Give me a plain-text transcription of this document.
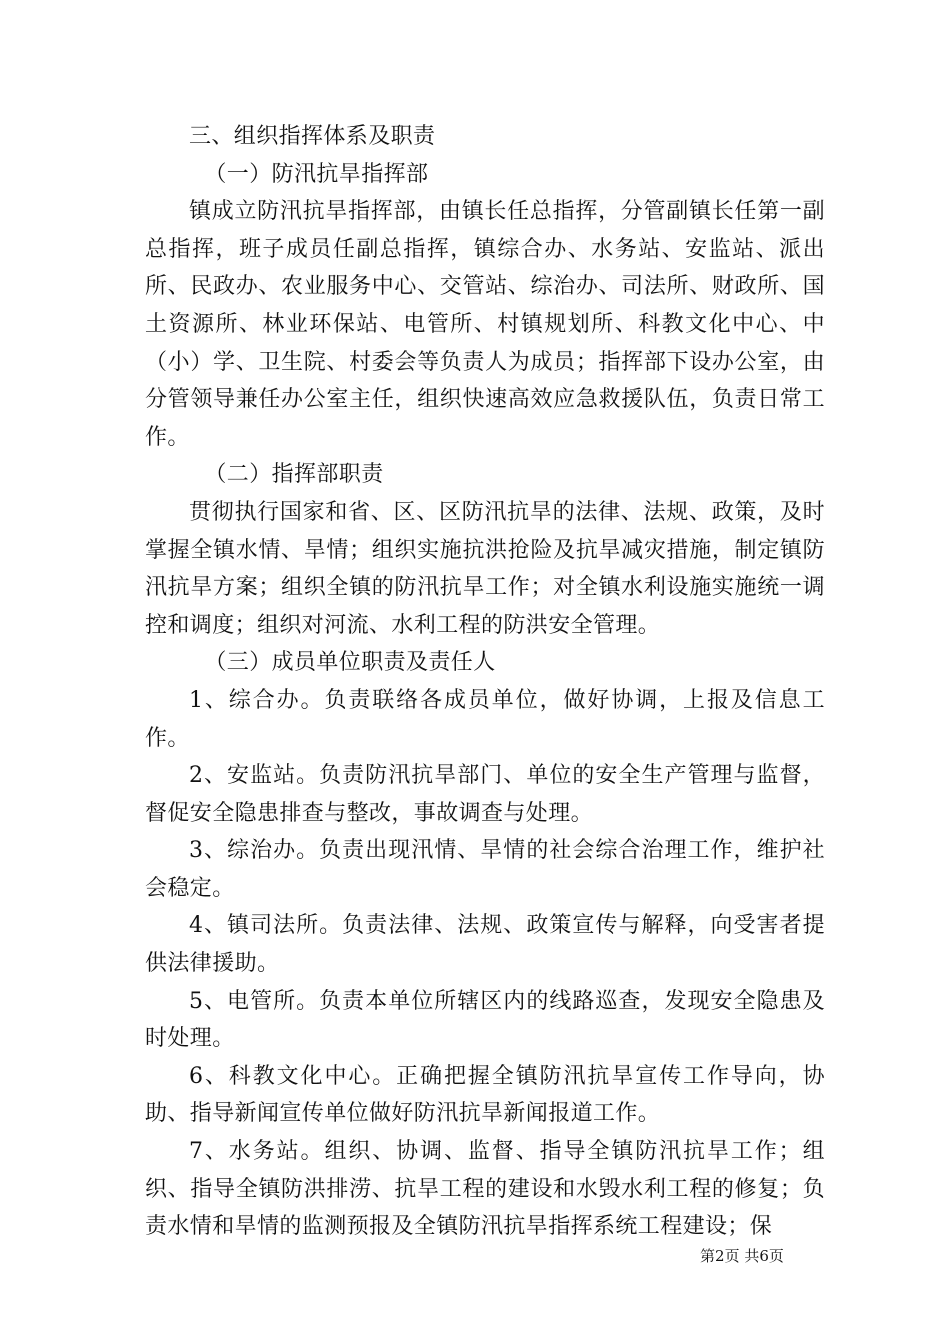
三、组织指挥体系及职责

（一）防汛抗旱指挥部

镇成立防汛抗旱指挥部，由镇长任总指挥，分管副镇长任第一副总指挥，班子成员任副总指挥，镇综合办、水务站、安监站、派出所、民政办、农业服务中心、交管站、综治办、司法所、财政所、国土资源所、林业环保站、电管所、村镇规划所、科教文化中心、中（小）学、卫生院、村委会等负责人为成员；指挥部下设办公室，由分管领导兼任办公室主任，组织快速高效应急救援队伍，负责日常工作。

（二）指挥部职责

贯彻执行国家和省、区、区防汛抗旱的法律、法规、政策，及时掌握全镇水情、旱情；组织实施抗洪抢险及抗旱减灾措施，制定镇防汛抗旱方案；组织全镇的防汛抗旱工作；对全镇水利设施实施统一调控和调度；组织对河流、水利工程的防洪安全管理。

（三）成员单位职责及责任人

1、综合办。负责联络各成员单位，做好协调，上报及信息工作。

2、安监站。负责防汛抗旱部门、单位的安全生产管理与监督，督促安全隐患排查与整改，事故调查与处理。

3、综治办。负责出现汛情、旱情的社会综合治理工作，维护社会稳定。

4、镇司法所。负责法律、法规、政策宣传与解释，向受害者提供法律援助。

5、电管所。负责本单位所辖区内的线路巡查，发现安全隐患及时处理。

6、科教文化中心。正确把握全镇防汛抗旱宣传工作导向，协助、指导新闻宣传单位做好防汛抗旱新闻报道工作。

7、水务站。组织、协调、监督、指导全镇防汛抗旱工作；组织、指导全镇防洪排涝、抗旱工程的建设和水毁水利工程的修复；负责水情和旱情的监测预报及全镇防汛抗旱指挥系统工程建设；保

第2页 共6页
